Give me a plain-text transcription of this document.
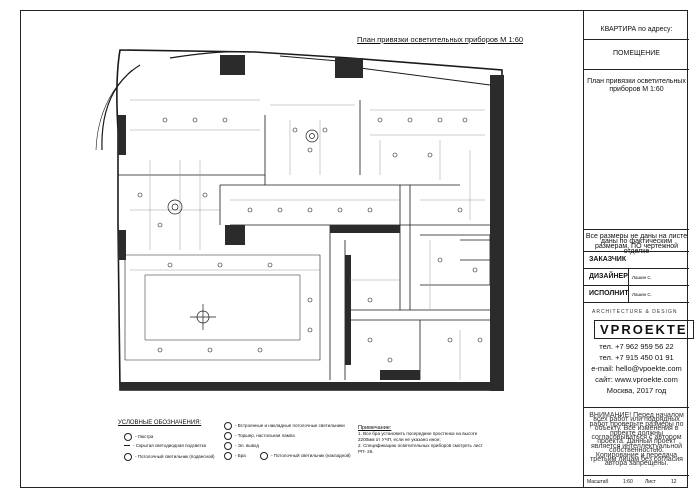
План привязки осветительных приборов М 1:60
УСЛОВНЫЕ ОБОЗНАЧЕНИЯ:
- Люстра
- Скрытая светодиодная подсветка
- Потолочный светильник (подвесной)
- Встроенные и накладные потолочные светильники
- Торшер, настольная лампа
- Эл. вывод
- Бра	- Потолочный светильник (накладной)
Примечание:
1. Все бра установить посередине простенка на высоте
2200мм от УЧП, если не указано иное;
2. Спецификацию осветительных приборов смотреть лист РП- 26.
КВАРТИРА по адресу:
ПОМЕЩЕНИЕ
План привязки осветительных приборов М 1:60
Все размеры не даны на листе даны по фактическим размерам, ПО чертежной отделке
ЗАКАЗЧИК
ДИЗАЙНЕР Лашин С.
ИСПОЛНИТ Лашин С.
ARCHITECTURE & DESIGN
VPROEKTE
тел. +7 962 959 56 22
тел. +7 915 450 01 91
e-mail: hello@vpoekte.com
сайт: www.vproekte.com
Москва, 2017 год
ВНИМАНИЕ! Перед началом всех работ или подрядных работ проверьте размеры по объекту. Все изменения в проекте должны согласовываться с автором проекта. Данный проект является интеллектуальной собственностью. Копирование и передача третьим лицам без согласия автора запрещены.
Масштаб	1:60 Лист	12
